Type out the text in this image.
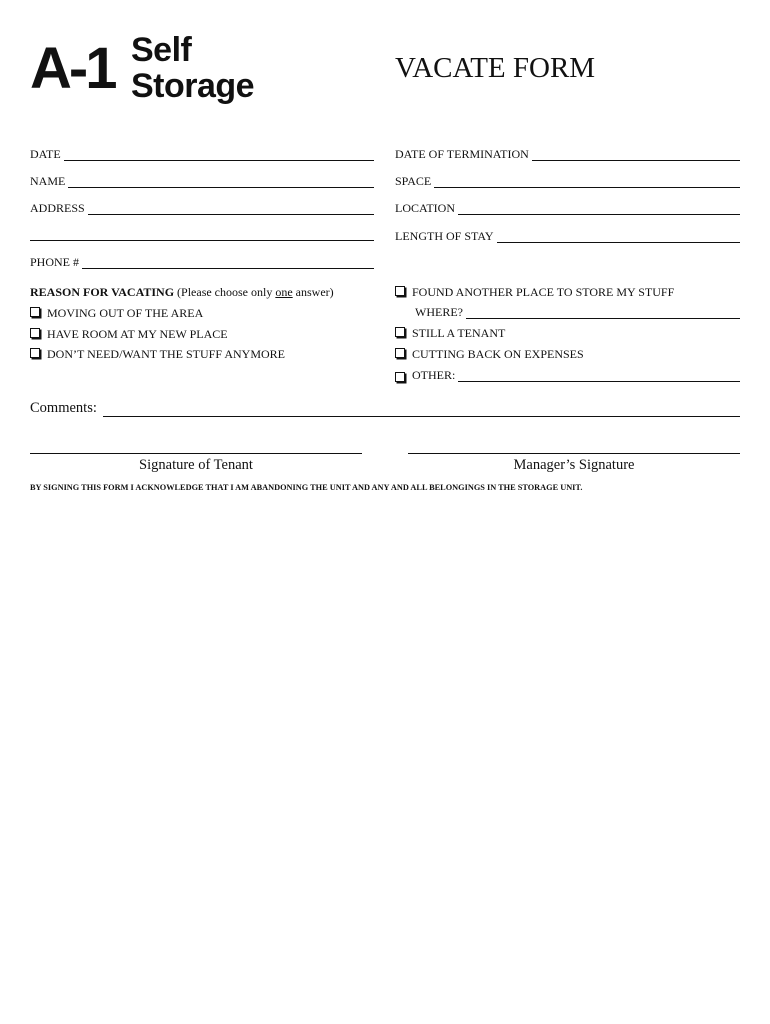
A-1 Self
Storage	VACATE FORM
DATE
NAME
ADDRESS
PHONE #
DATE OF TERMINATION
SPACE
LOCATION
LENGTH OF STAY
REASON FOR VACATING (Please choose only one answer)
MOVING OUT OF THE AREA
HAVE ROOM AT MY NEW PLACE
DON’T NEED/WANT THE STUFF ANYMORE
FOUND ANOTHER PLACE TO STORE MY STUFF
WHERE?
STILL A TENANT
CUTTING BACK ON EXPENSES
OTHER:
Comments:
Signature of Tenant	Manager’s Signature
BY SIGNING THIS FORM I ACKNOWLEDGE THAT I AM ABANDONING THE UNIT AND ANY AND ALL BELONGINGS IN THE STORAGE UNIT.
